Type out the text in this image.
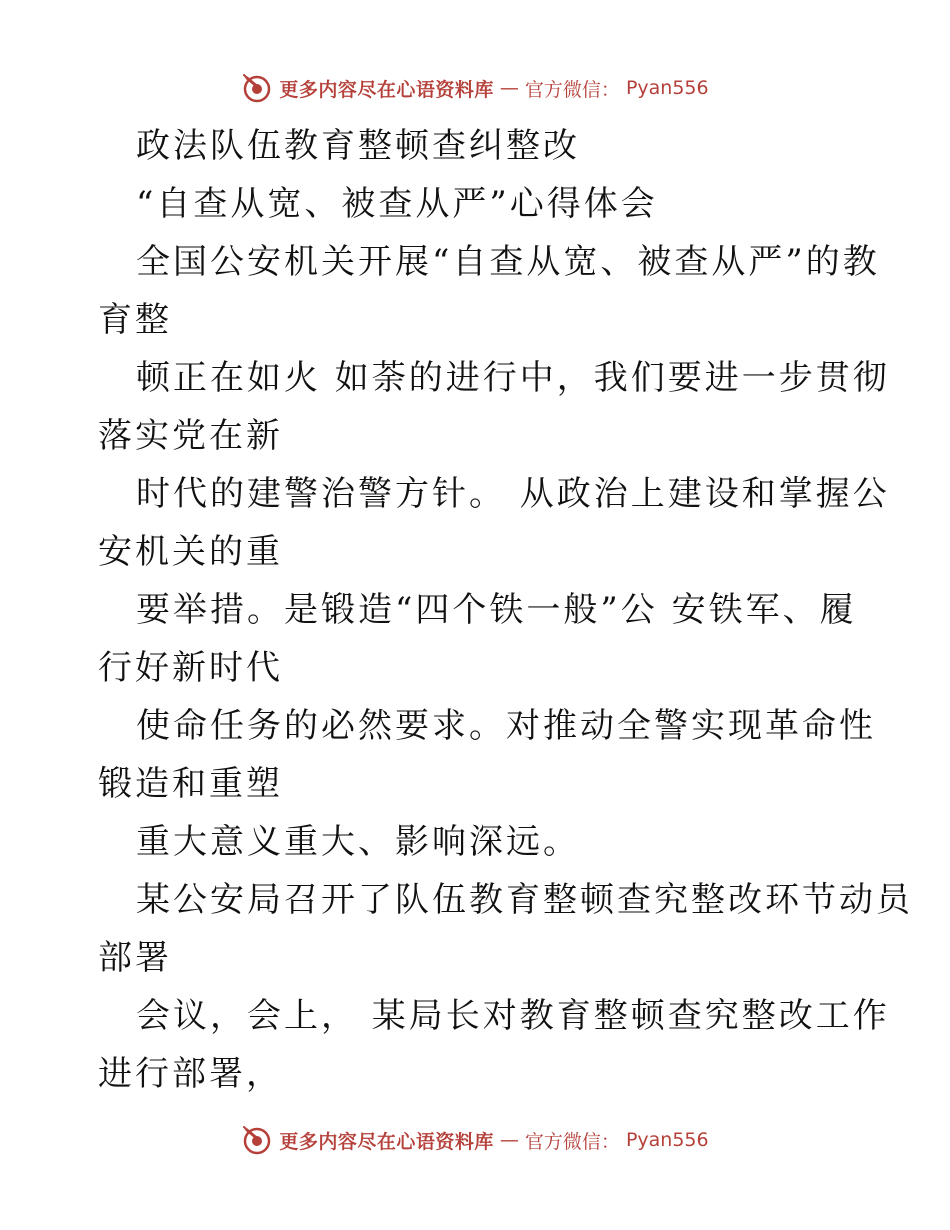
更多内容尽在心语资料库 — 官方微信： Pyan556
政法队伍教育整顿查纠整改
“自查从宽、被查从严”心得体会
全国公安机关开展“自查从宽、被查从严”的教
育整
顿正在如火 如荼的进行中，我们要进一步贯彻
落实党在新
时代的建警治警方针。 从政治上建设和掌握公
安机关的重
要举措。是锻造“四个铁一般”公 安铁军、履
行好新时代
使命任务的必然要求。对推动全警实现革命性
锻造和重塑
重大意义重大、影响深远。
某公安局召开了队伍教育整顿查究整改环节动员
部署
会议，会上， 某局长对教育整顿查究整改工作
进行部署，
更多内容尽在心语资料库 — 官方微信： Pyan556
